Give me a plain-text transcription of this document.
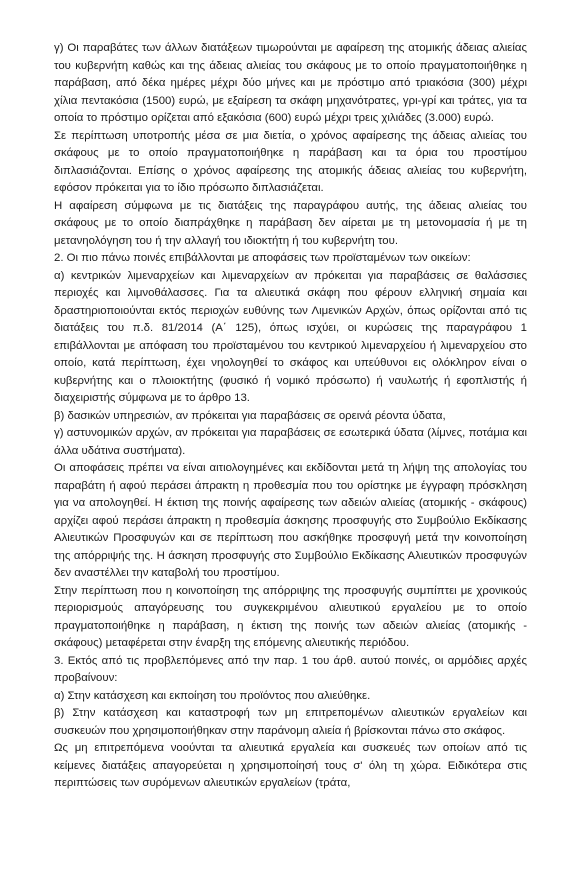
γ) Οι παραβάτες των άλλων διατάξεων τιμωρούνται με αφαίρεση της ατομικής άδειας αλιείας του κυβερνήτη καθώς και της άδειας αλιείας του σκάφους με το οποίο πραγματοποιήθηκε η παράβαση, από δέκα ημέρες μέχρι δύο μήνες και με πρόστιμο από τριακόσια (300) μέχρι χίλια πεντακόσια (1500) ευρώ, με εξαίρεση τα σκάφη μηχανότρατες, γρι-γρί και τράτες, για τα οποία το πρόστιμο ορίζεται από εξακόσια (600) ευρώ μέχρι τρεις χιλιάδες (3.000) ευρώ.

Σε περίπτωση υποτροπής μέσα σε μια διετία, ο χρόνος αφαίρεσης της άδειας αλιείας του σκάφους με το οποίο πραγματοποιήθηκε η παράβαση και τα όρια του προστίμου διπλασιάζονται. Επίσης ο χρόνος αφαίρεσης της ατομικής άδειας αλιείας του κυβερνήτη, εφόσον πρόκειται για το ίδιο πρόσωπο διπλασιάζεται.

Η αφαίρεση σύμφωνα με τις διατάξεις της παραγράφου αυτής, της άδειας αλιείας του σκάφους με το οποίο διαπράχθηκε η παράβαση δεν αίρεται με τη μετονομασία ή με τη μετανηολόγηση του ή την αλλαγή του ιδιοκτήτη ή του κυβερνήτη του.

2. Οι πιο πάνω ποινές επιβάλλονται με αποφάσεις των προϊσταμένων των οικείων:

α) κεντρικών λιμεναρχείων και λιμεναρχείων αν πρόκειται για παραβάσεις σε θαλάσσιες περιοχές και λιμνοθάλασσες. Για τα αλιευτικά σκάφη που φέρουν ελληνική σημαία και δραστηριοποιούνται εκτός περιοχών ευθύνης των Λιμενικών Αρχών, όπως ορίζονται από τις διατάξεις του π.δ. 81/2014 (Α΄ 125), όπως ισχύει, οι κυρώσεις της παραγράφου 1 επιβάλλονται με απόφαση του προϊσταμένου του κεντρικού λιμεναρχείου ή λιμεναρχείου στο οποίο, κατά περίπτωση, έχει νηολογηθεί το σκάφος και υπεύθυνοι εις ολόκληρον είναι ο κυβερνήτης και ο πλοιοκτήτης (φυσικό ή νομικό πρόσωπο) ή ναυλωτής ή εφοπλιστής ή διαχειριστής σύμφωνα με το άρθρο 13.

β) δασικών υπηρεσιών, αν πρόκειται για παραβάσεις σε ορεινά ρέοντα ύδατα,

γ) αστυνομικών αρχών, αν πρόκειται για παραβάσεις σε εσωτερικά ύδατα (λίμνες, ποτάμια και άλλα υδάτινα συστήματα).

Οι αποφάσεις πρέπει να είναι αιτιολογημένες και εκδίδονται μετά τη λήψη της απολογίας του παραβάτη ή αφού περάσει άπρακτη η προθεσμία που του ορίστηκε με έγγραφη πρόσκληση για να απολογηθεί. Η έκτιση της ποινής αφαίρεσης των αδειών αλιείας (ατομικής - σκάφους) αρχίζει αφού περάσει άπρακτη η προθεσμία άσκησης προσφυγής στο Συμβούλιο Εκδίκασης Αλιευτικών Προσφυγών και σε περίπτωση που ασκήθηκε προσφυγή μετά την κοινοποίηση της απόρριψής της. Η άσκηση προσφυγής στο Συμβούλιο Εκδίκασης Αλιευτικών προσφυγών δεν αναστέλλει την καταβολή του προστίμου.

Στην περίπτωση που η κοινοποίηση της απόρριψης της προσφυγής συμπίπτει με χρονικούς περιορισμούς απαγόρευσης του συγκεκριμένου αλιευτικού εργαλείου με το οποίο πραγματοποιήθηκε η παράβαση, η έκτιση της ποινής των αδειών αλιείας (ατομικής - σκάφους) μεταφέρεται στην έναρξη της επόμενης αλιευτικής περιόδου.

3. Εκτός από τις προβλεπόμενες από την παρ. 1 του άρθ. αυτού ποινές, οι αρμόδιες αρχές προβαίνουν:

α) Στην κατάσχεση και εκποίηση του προϊόντος που αλιεύθηκε.

β) Στην κατάσχεση και καταστροφή των μη επιτρεπομένων αλιευτικών εργαλείων και συσκευών που χρησιμοποιήθηκαν στην παράνομη αλιεία ή βρίσκονται πάνω στο σκάφος.

Ως μη επιτρεπόμενα νοούνται τα αλιευτικά εργαλεία και συσκευές των οποίων από τις κείμενες διατάξεις απαγορεύεται η χρησιμοποίησή τους σ' όλη τη χώρα. Ειδικότερα στις περιπτώσεις των συρόμενων αλιευτικών εργαλείων (τράτα,
